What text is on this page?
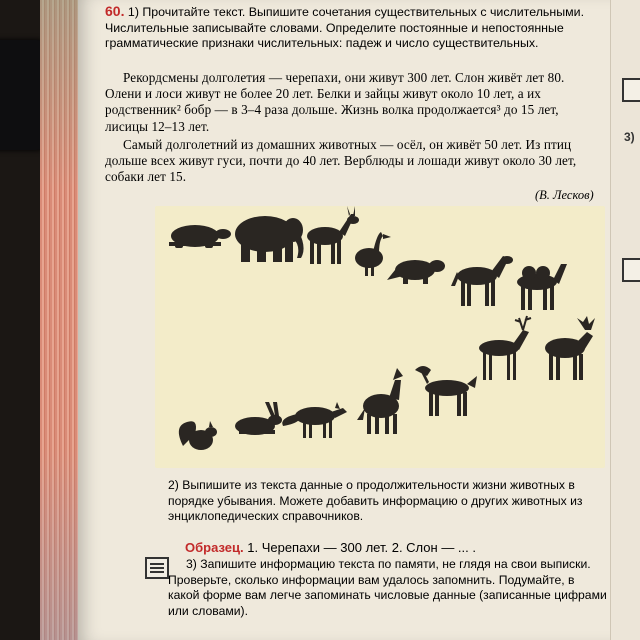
3)
60. 1) Прочитайте текст. Выпишите сочетания существительных с числительными. Числительные записывайте словами. Определите постоянные и непостоянные грамматические признаки числительных: падеж и число существительных.

Рекордсмены долголетия — черепахи, они живут 300 лет. Слон живёт лет 80. Олени и лоси живут не более 20 лет. Белки и зайцы живут около 10 лет, а их родственник² бобр — в 3–4 раза дольше. Жизнь волка продолжается³ до 15 лет, лисицы 12–13 лет.

Самый долголетний из домашних животных — осёл, он живёт 50 лет. Из птиц дольше всех живут гуси, почти до 40 лет. Верблюды и лошади живут около 30 лет, собаки лет 15.

(В. Лесков)
2) Выпишите из текста данные о продолжительности жизни животных в порядке убывания. Можете добавить информацию о других животных из энциклопедических справочников.
Образец. 1. Черепахи — 300 лет. 2. Слон — ... .
3) Запишите информацию текста по памяти, не глядя на свои выписки. Проверьте, сколько информации вам удалось запомнить. Подумайте, в какой форме вам легче запоминать числовые данные (записанные цифрами или словами).
